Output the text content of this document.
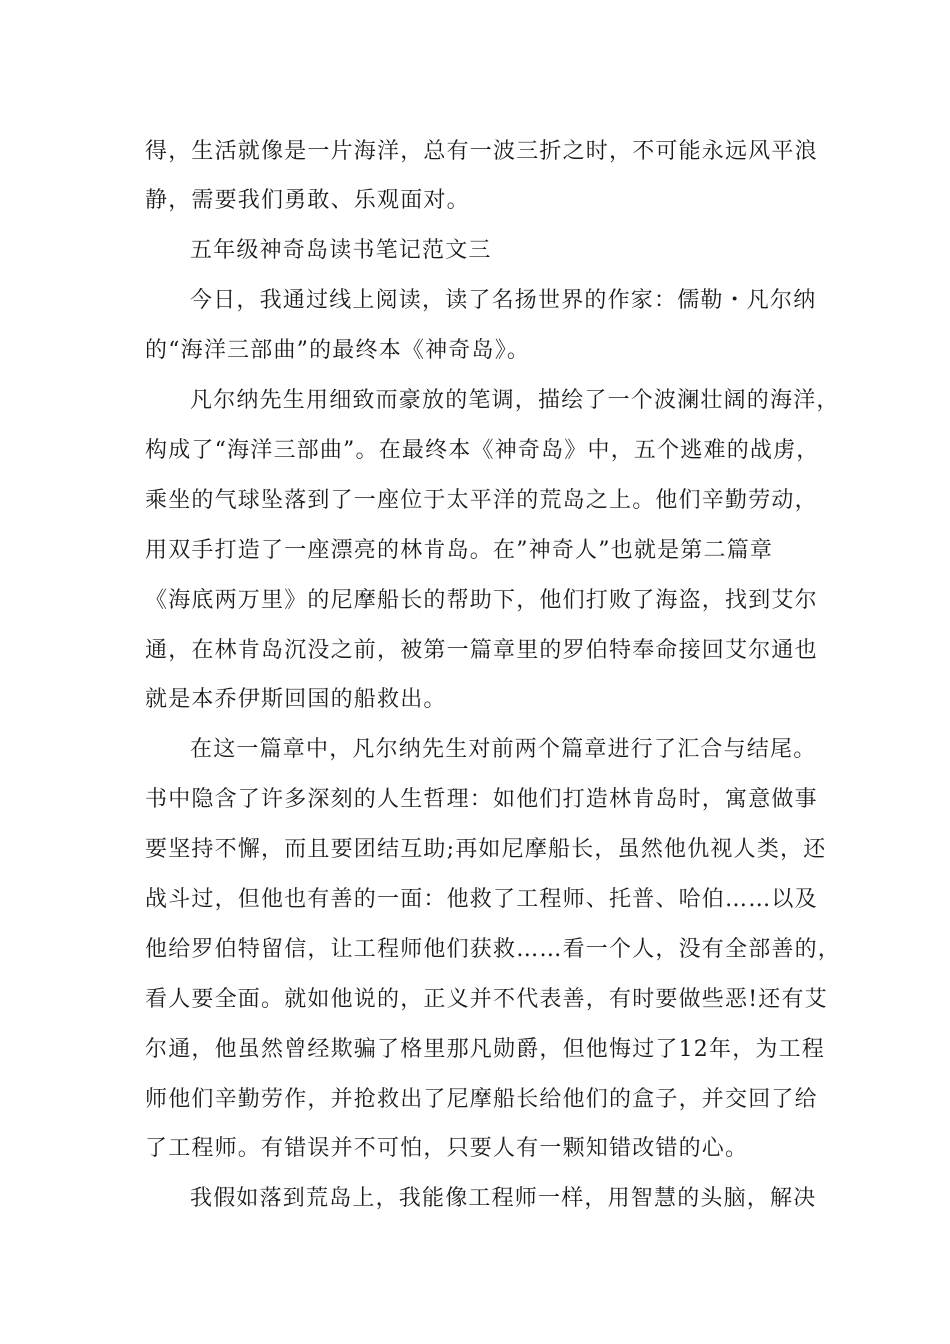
得，生活就像是一片海洋，总有一波三折之时，不可能永远风平浪
静，需要我们勇敢、乐观面对。
五年级神奇岛读书笔记范文三
今日，我通过线上阅读，读了名扬世界的作家：儒勒・凡尔纳
的“海洋三部曲”的最终本《神奇岛》。
凡尔纳先生用细致而豪放的笔调，描绘了一个波澜壮阔的海洋，
构成了“海洋三部曲”。在最终本《神奇岛》中，五个逃难的战虏，
乘坐的气球坠落到了一座位于太平洋的荒岛之上。他们辛勤劳动，
用双手打造了一座漂亮的林肯岛。在”神奇人”也就是第二篇章
《海底两万里》的尼摩船长的帮助下，他们打败了海盗，找到艾尔
通，在林肯岛沉没之前，被第一篇章里的罗伯特奉命接回艾尔通也
就是本乔伊斯回国的船救出。
在这一篇章中，凡尔纳先生对前两个篇章进行了汇合与结尾。
书中隐含了许多深刻的人生哲理：如他们打造林肯岛时，寓意做事
要坚持不懈，而且要团结互助;再如尼摩船长，虽然他仇视人类，还
战斗过，但他也有善的一面：他救了工程师、托普、哈伯……以及
他给罗伯特留信，让工程师他们获救……看一个人，没有全部善的，
看人要全面。就如他说的，正义并不代表善，有时要做些恶!还有艾
尔通，他虽然曾经欺骗了格里那凡勋爵，但他悔过了12年，为工程
师他们辛勤劳作，并抢救出了尼摩船长给他们的盒子，并交回了给
了工程师。有错误并不可怕，只要人有一颗知错改错的心。
我假如落到荒岛上，我能像工程师一样，用智慧的头脑，解决
